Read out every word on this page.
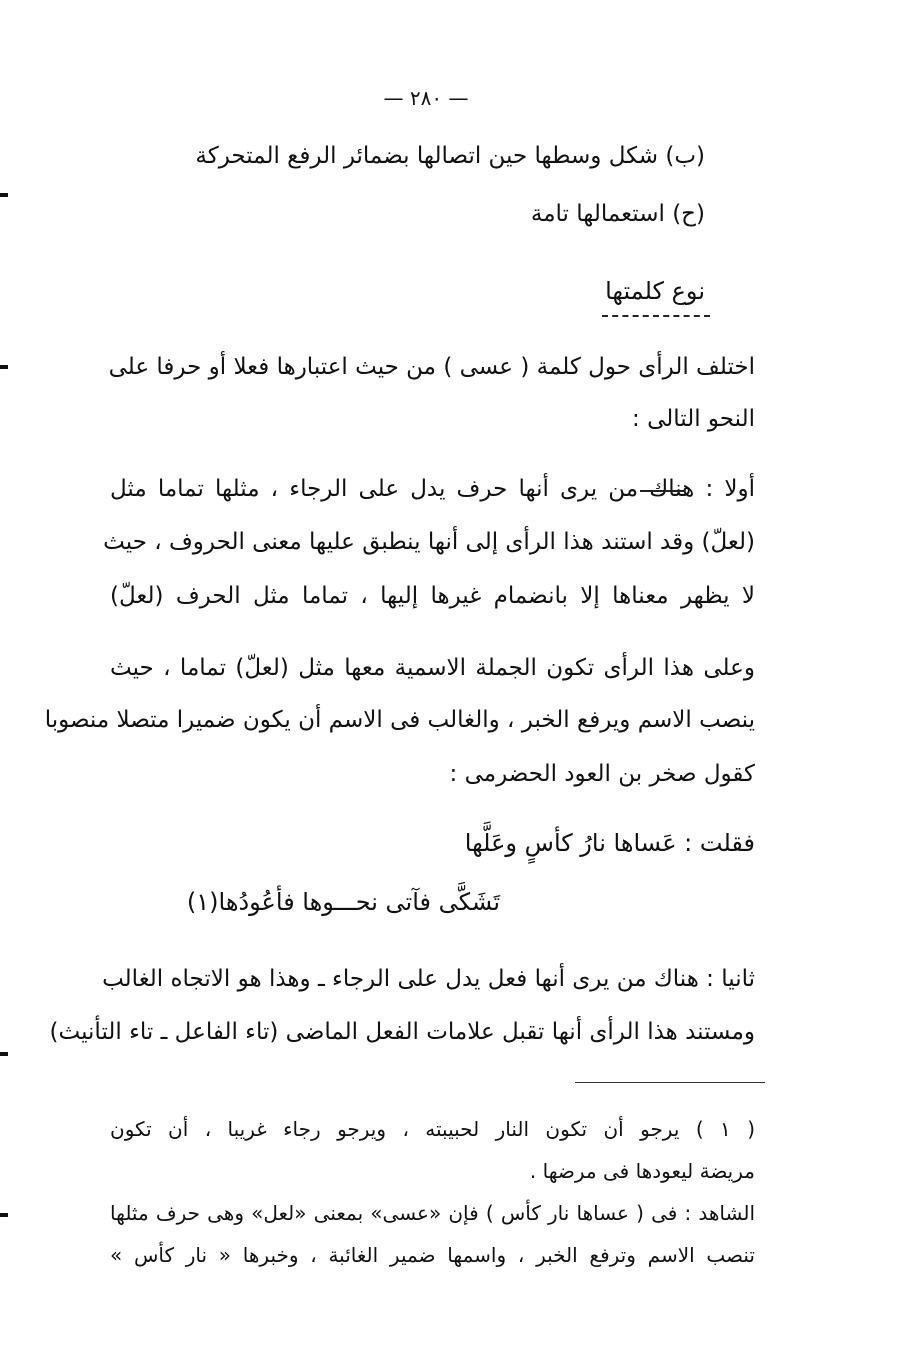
— ٢٨٠ —
(ب) شكل وسطها حين اتصالها بضمائر الرفع المتحركة
(ح) استعمالها تامة
نوع كلمتها
اختلف الرأى حول كلمة ( عسى ) من حيث اعتبارها فعلا أو حرفا على
النحو التالى :
أولا : هناك من يرى أنها حرف يدل على الرجاء ، مثلها تماما مثل
(لعلّ) وقد استند هذا الرأى إلى أنها ينطبق عليها معنى الحروف ، حيث
لا يظهر معناها إلا بانضمام غيرها إليها ، تماما مثل الحرف (لعلّ)
وعلى هذا الرأى تكون الجملة الاسمية معها مثل (لعلّ) تماما ، حيث
ينصب الاسم ويرفع الخبر ، والغالب فى الاسم أن يكون ضميرا متصلا منصوبا
كقول صخر بن العود الحضرمى :
فقلت : عَساها نارُ كأسٍ وعَلَّها
تَشَكَّى فآتى نحـــوها فأعُودُها(١)
ثانيا : هناك من يرى أنها فعل يدل على الرجاء ـ وهذا هو الاتجاه الغالب
ومستند هذا الرأى أنها تقبل علامات الفعل الماضى (تاء الفاعل ـ تاء التأنيث)
( ١ ) يرجو أن تكون النار لحبيبته ، ويرجو رجاء غريبا ، أن تكون
مريضة ليعودها فى مرضها .
الشاهد : فى ( عساها نار كأس ) فإن «عسى» بمعنى «لعل» وهى حرف مثلها
تنصب الاسم وترفع الخبر ، واسمها ضمير الغائبة ، وخبرها « نار كأس »
